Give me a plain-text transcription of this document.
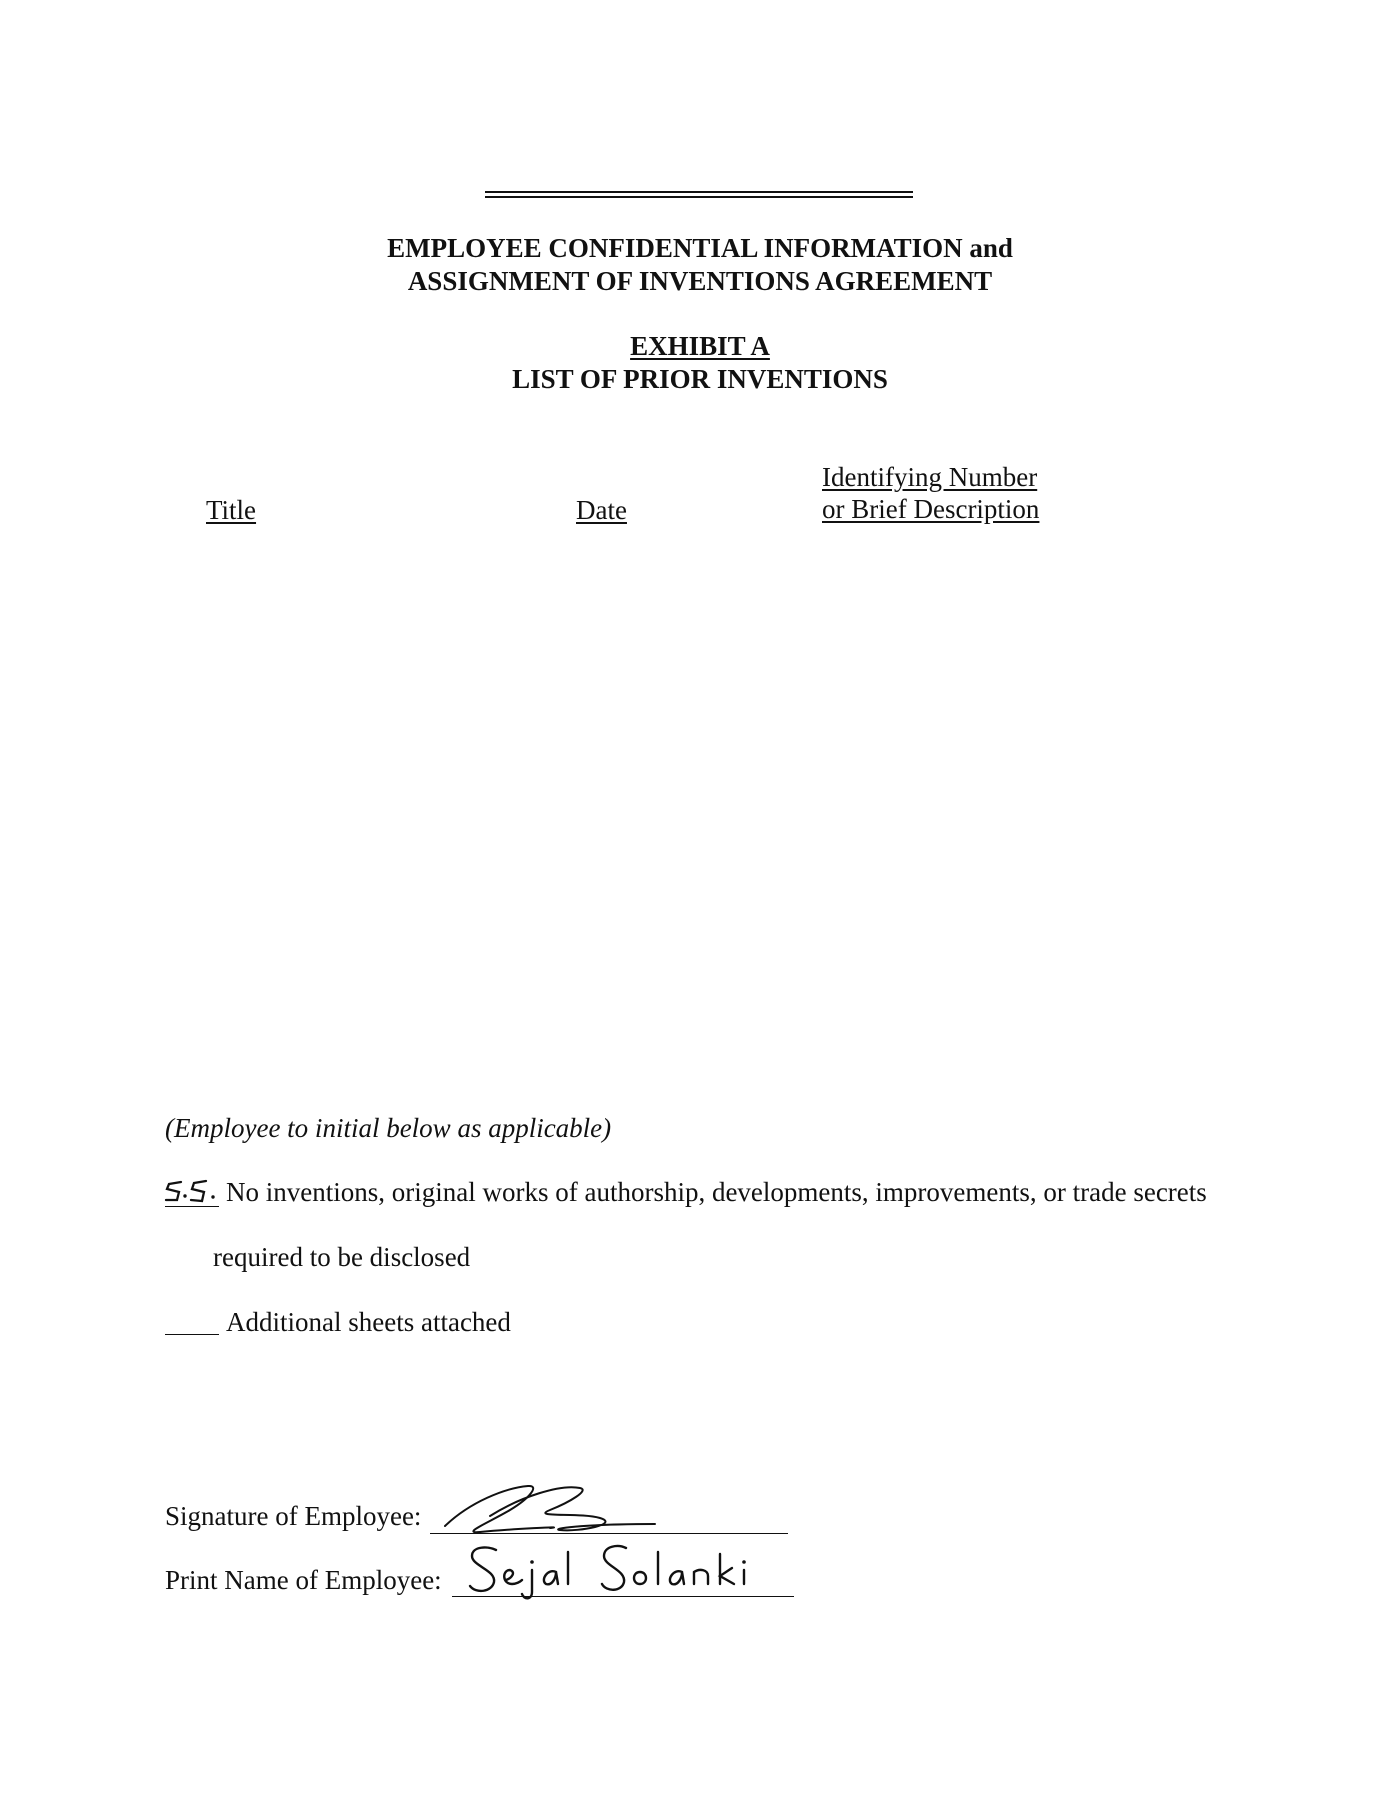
EMPLOYEE CONFIDENTIAL INFORMATION and
ASSIGNMENT OF INVENTIONS AGREEMENT
EXHIBIT A
LIST OF PRIOR INVENTIONS
Title	Date
Identifying Number
or Brief Description
(Employee to initial below as applicable)
No inventions, original works of authorship, developments, improvements, or trade secrets
required to be disclosed
Additional sheets attached
Signature of Employee:
Print Name of Employee:
